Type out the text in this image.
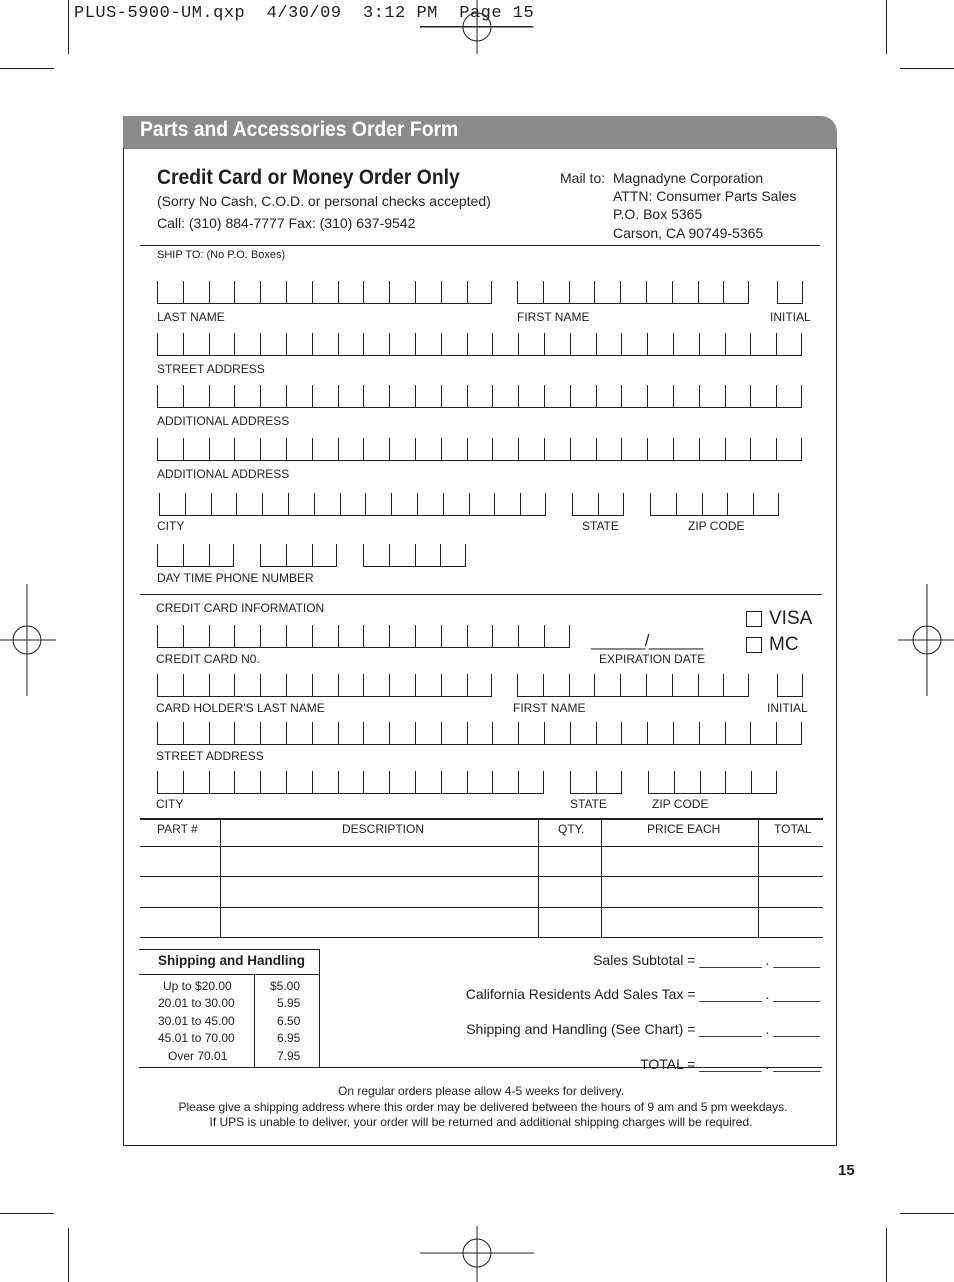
PLUS-5900-UM.qxp  4/30/09  3:12 PM  Page 15
Parts and Accessories Order Form
Credit Card or Money Order Only
(Sorry No Cash, C.O.D. or personal checks accepted)
Call: (310) 884-7777 Fax: (310) 637-9542
Mail to: Magnadyne Corporation
ATTN: Consumer Parts Sales
P.O. Box 5365
Carson, CA 90749-5365
SHIP TO: (No P.O. Boxes)
LAST NAME	FIRST NAME	INITIAL
STREET ADDRESS
ADDITIONAL ADDRESS
ADDITIONAL ADDRESS
CITY	STATE	ZIP CODE
DAY TIME PHONE NUMBER
CREDIT CARD INFORMATION
______/______
CREDIT CARD N0.	EXPIRATION DATE
VISA
MC
CARD HOLDER'S LAST NAME	FIRST NAME	INITIAL
STREET ADDRESS
CITY	STATE	ZIP CODE
PART #	DESCRIPTION	QTY.	PRICE EACH	TOTAL
Shipping and Handling
Up to $20.00	$5.00
20.01 to 30.00	5.95
30.01 to 45.00	6.50
45.01 to 70.00	6.95
Over 70.01	7.95
Sales Subtotal = ________ . ______
California Residents Add Sales Tax = ________ . ______
Shipping and Handling (See Chart) = ________ . ______
TOTAL = ________ . ______
On regular orders please allow 4-5 weeks for delivery.
Please give a shipping address where this order may be delivered between the hours of 9 am and 5 pm weekdays.
If UPS is unable to deliver, your order will be returned and additional shipping charges will be required.
15
